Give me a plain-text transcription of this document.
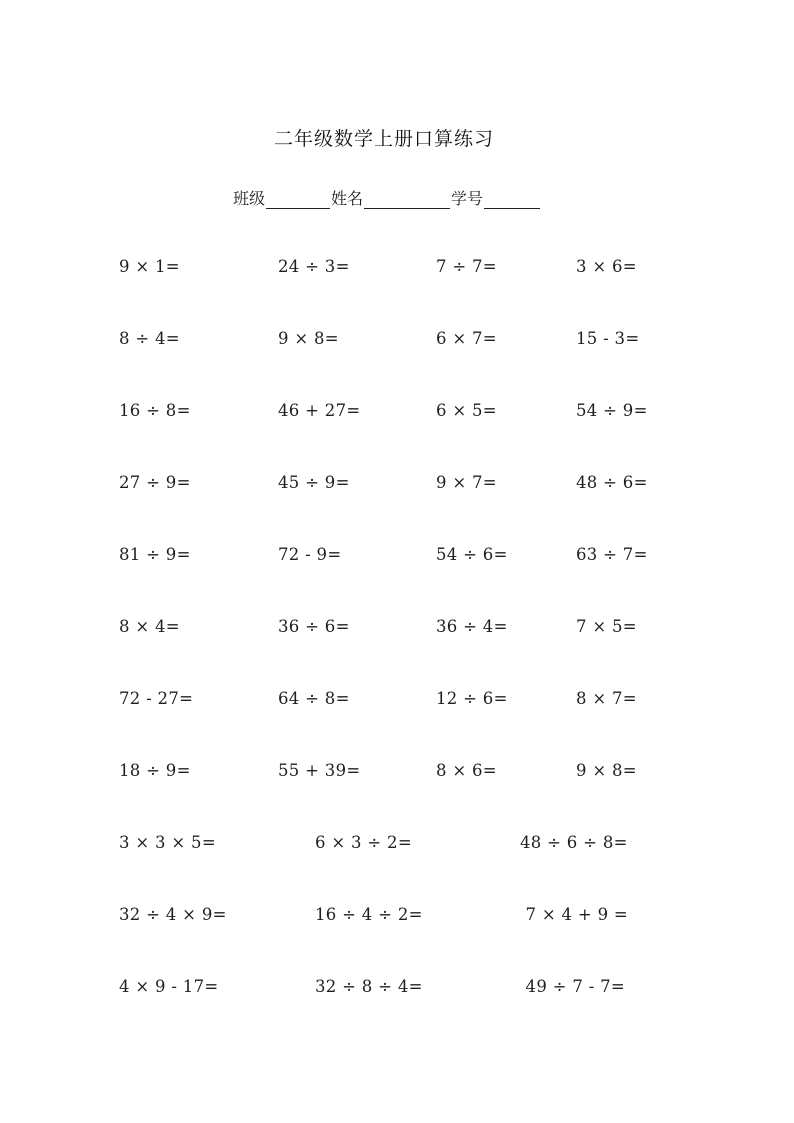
二年级数学上册口算练习
班级	姓名	学号
9 × 1=	24 ÷ 3=	7 ÷ 7=	3 × 6=
8 ÷ 4=	9 × 8=	6 × 7=	15 - 3=
16 ÷ 8=	46 + 27=	6 × 5=	54 ÷ 9=
27 ÷ 9=	45 ÷ 9=	9 × 7=	48 ÷ 6=
81 ÷ 9=	72 - 9=	54 ÷ 6=	63 ÷ 7=
8 × 4=	36 ÷ 6=	36 ÷ 4=	7 × 5=
72 - 27=	64 ÷ 8=	12 ÷ 6=	8 × 7=
18 ÷ 9=	55 + 39=	8 × 6=	9 × 8=
3 × 3 × 5=	6 × 3 ÷ 2=	48 ÷ 6 ÷ 8=
32 ÷ 4 × 9=	16 ÷ 4 ÷ 2=	7 × 4 + 9 =
4 × 9 - 17=	32 ÷ 8 ÷ 4=	49 ÷ 7 - 7=
